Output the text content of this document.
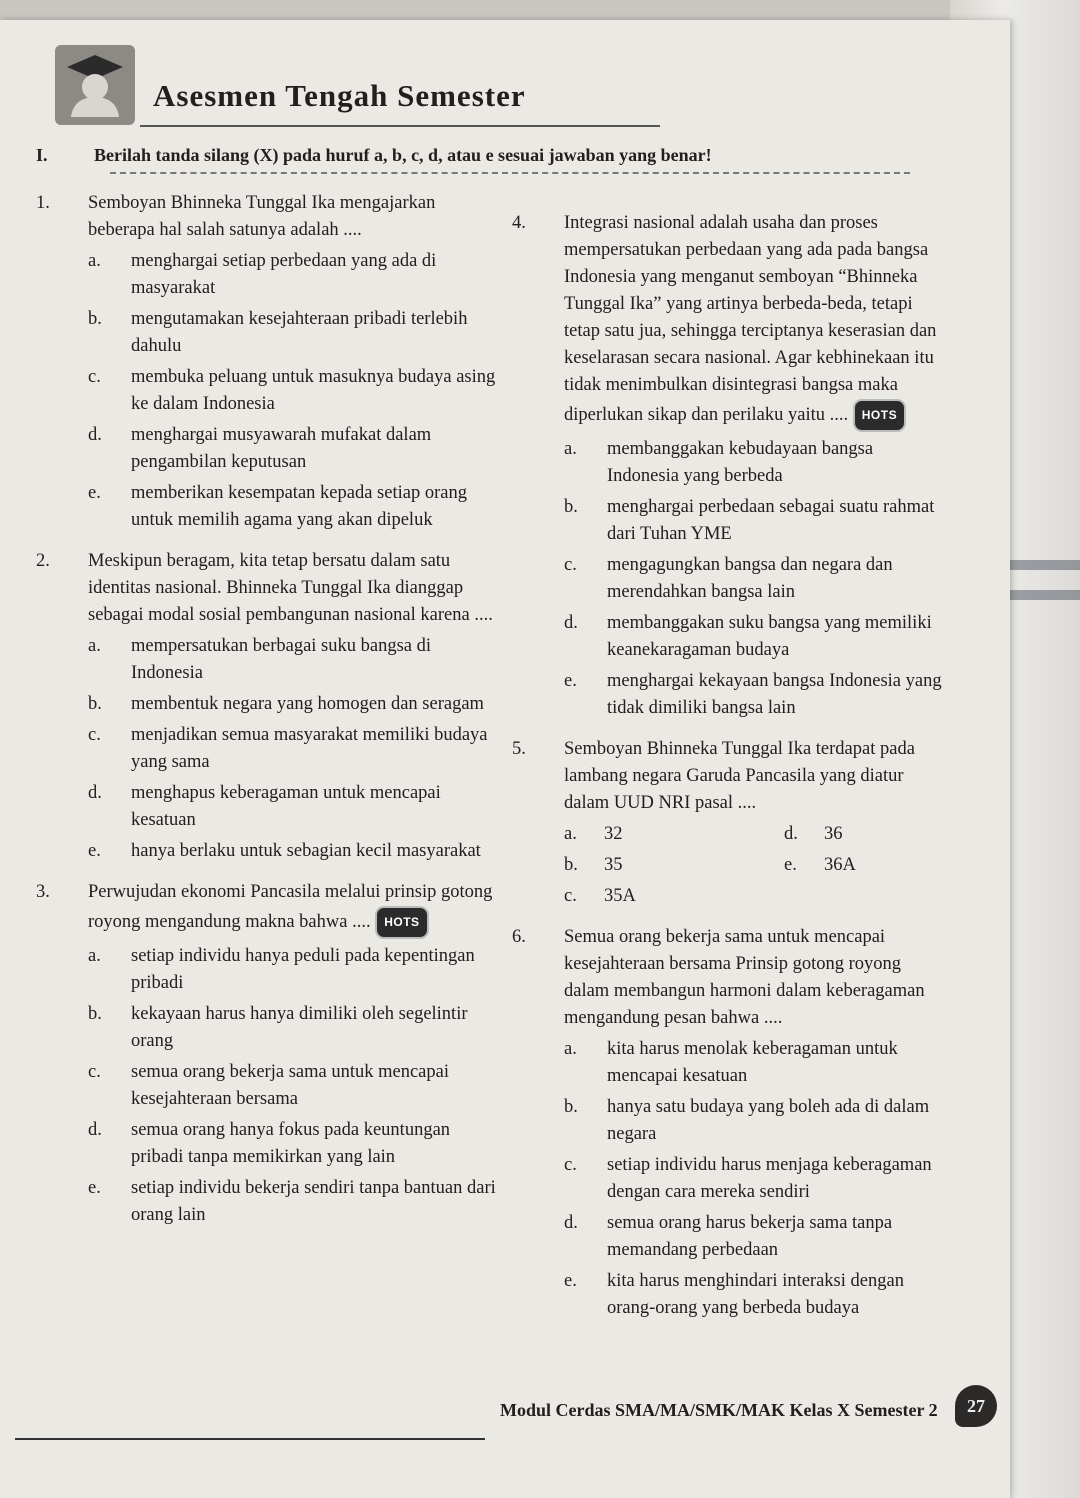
Asesmen Tengah Semester
I.	Berilah tanda silang (X) pada huruf a, b, c, d, atau e sesuai jawaban yang benar!
1.	Semboyan Bhinneka Tunggal Ika mengajarkan beberapa hal salah satunya adalah ....
a.	menghargai setiap perbedaan yang ada di masyarakat
b.	mengutamakan kesejahteraan pribadi terlebih dahulu
c.	membuka peluang untuk masuknya budaya asing ke dalam Indonesia
d.	menghargai musyawarah mufakat dalam pengambilan keputusan
e.	memberikan kesempatan kepada setiap orang untuk memilih agama yang akan dipeluk
2.	Meskipun beragam, kita tetap bersatu dalam satu identitas nasional. Bhinneka Tunggal Ika dianggap sebagai modal sosial pembangunan nasional karena ....
a.	mempersatukan berbagai suku bangsa di Indonesia
b.	membentuk negara yang homogen dan seragam
c.	menjadikan semua masyarakat memiliki budaya yang sama
d.	menghapus keberagaman untuk mencapai kesatuan
e.	hanya berlaku untuk sebagian kecil masyarakat
3.	Perwujudan ekonomi Pancasila melalui prinsip gotong royong mengandung makna bahwa .... HOTS
a.	setiap individu hanya peduli pada kepentingan pribadi
b.	kekayaan harus hanya dimiliki oleh segelintir orang
c.	semua orang bekerja sama untuk mencapai kesejahteraan bersama
d.	semua orang hanya fokus pada keuntungan pribadi tanpa memikirkan yang lain
e.	setiap individu bekerja sendiri tanpa bantuan dari orang lain
4.	Integrasi nasional adalah usaha dan proses mempersatukan perbedaan yang ada pada bangsa Indonesia yang menganut semboyan “Bhinneka Tunggal Ika” yang artinya berbeda-beda, tetapi tetap satu jua, sehingga terciptanya keserasian dan keselarasan secara nasional. Agar kebhinekaan itu tidak menimbulkan disintegrasi bangsa maka diperlukan sikap dan perilaku yaitu .... HOTS
a.	membanggakan kebudayaan bangsa Indonesia yang berbeda
b.	menghargai perbedaan sebagai suatu rahmat dari Tuhan YME
c.	mengagungkan bangsa dan negara dan merendahkan bangsa lain
d.	membanggakan suku bangsa yang memiliki keanekaragaman budaya
e.	menghargai kekayaan bangsa Indonesia yang tidak dimiliki bangsa lain
5.	Semboyan Bhinneka Tunggal Ika terdapat pada lambang negara Garuda Pancasila yang diatur dalam UUD NRI pasal ....
a.	32	d.	36
b.	35	e.	36A
c.	35A
6.	Semua orang bekerja sama untuk mencapai kesejahteraan bersama Prinsip gotong royong dalam membangun harmoni dalam keberagaman mengandung pesan bahwa ....
a.	kita harus menolak keberagaman untuk mencapai kesatuan
b.	hanya satu budaya yang boleh ada di dalam negara
c.	setiap individu harus menjaga keberagaman dengan cara mereka sendiri
d.	semua orang harus bekerja sama tanpa memandang perbedaan
e.	kita harus menghindari interaksi dengan orang-orang yang berbeda budaya
Modul Cerdas SMA/MA/SMK/MAK Kelas X Semester 2	27
